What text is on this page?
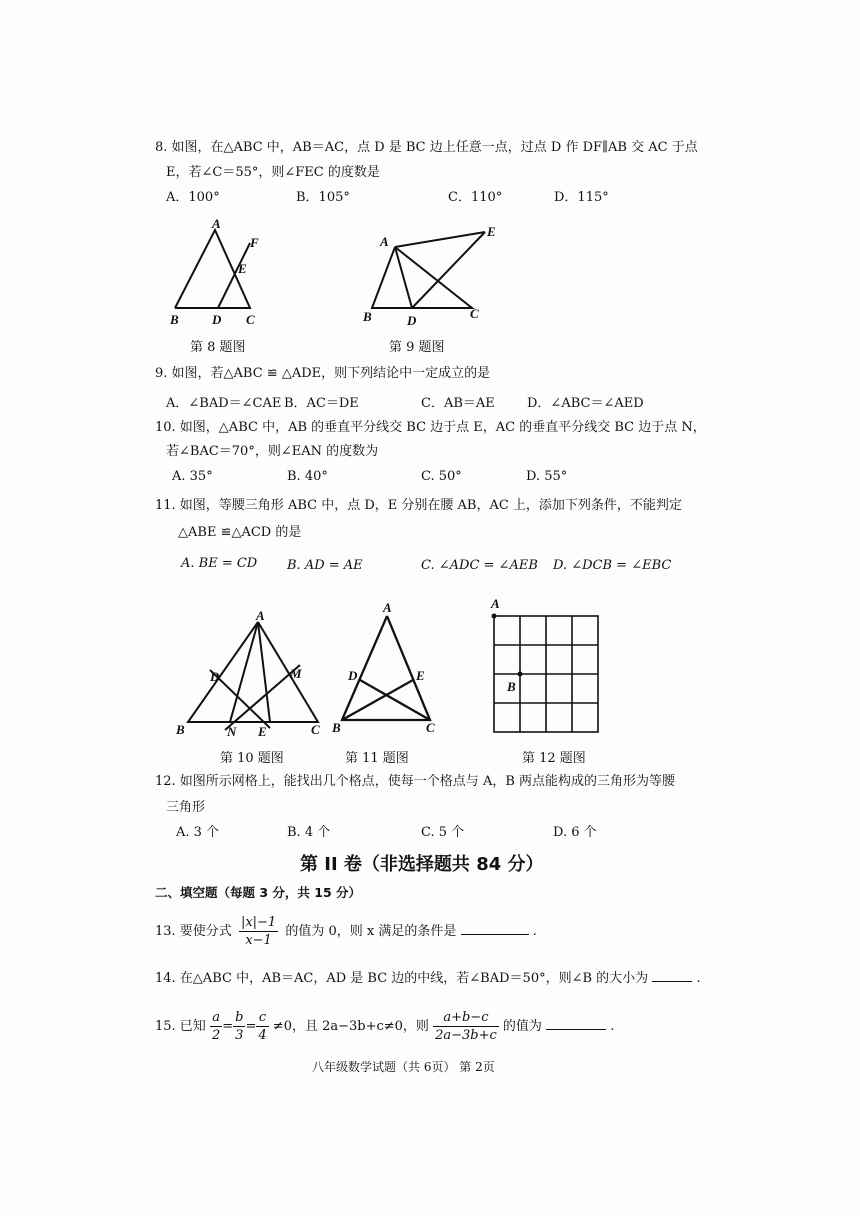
8. 如图，在△ABC 中，AB＝AC，点 D 是 BC 边上任意一点，过点 D 作 DF∥AB 交 AC 于点
E，若∠C＝55°，则∠FEC 的度数是
A．100°	B．105°	C．110°	D．115°
A
F
E
B	D C
第 8 题图
A
E
B	D	C
第 9 题图
9. 如图，若△ABC ≌ △ADE，则下列结论中一定成立的是
A．∠BAD＝∠CAE B．AC＝DE	C．AB＝AE D．∠ABC＝∠AED
10. 如图，△ABC 中，AB 的垂直平分线交 BC 边于点 E，AC 的垂直平分线交 BC 边于点 N，
若∠BAC＝70°，则∠EAN 的度数为
A. 35°	B. 40°	C. 50°	D. 55°
11. 如图，等腰三角形 ABC 中，点 D，E 分别在腰 AB，AC 上，添加下列条件，不能判定
△ABE ≌△ACD 的是
A. BE = CD B. AD = AE	C. ∠ADC = ∠AEB D. ∠DCB = ∠EBC
A
D	M
B	N E	C
第 10 题图
A
D	E
B	C
第 11 题图
A
B
第 12 题图
12. 如图所示网格上，能找出几个格点，使每一个格点与 A，B 两点能构成的三角形为等腰
三角形
A. 3 个	B. 4 个	C. 5 个	D. 6 个
第 II 卷（非选择题共 84 分）
二、填空题（每题 3 分，共 15 分）
13. 要使分式 $\frac{|x|-1}{x-1}$ 的值为 0，则 x 满足的条件是	.
14. 在△ABC 中，AB＝AC，AD 是 BC 边的中线，若∠BAD＝50°，则∠B 的大小为	.
15. 已知 $\frac{a}{2} = \frac{b}{3} = \frac{c}{4} \ne 0$，且 2a−3b+c≠0，则 $\frac{a+b-c}{2a-3b+c}$ 的值为	.
八年级数学试题（共 6页） 第 2页
